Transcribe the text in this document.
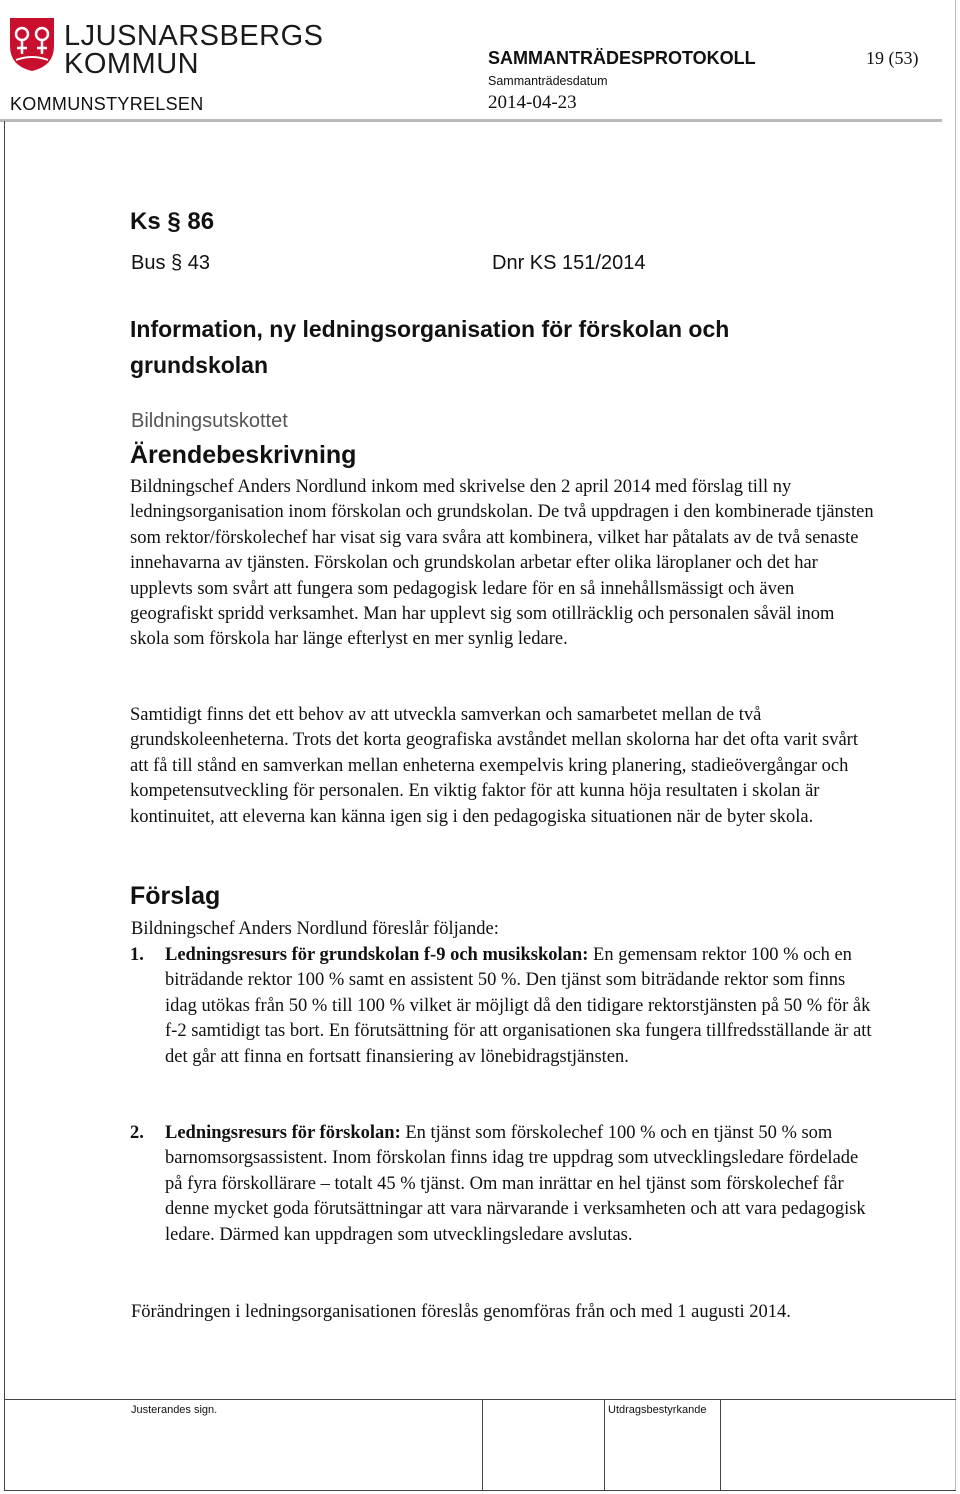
LJUSNARSBERGS
KOMMUN	SAMMANTRÄDESPROTOKOLL	19 (53)
KOMMUNSTYRELSEN
Sammanträdesdatum
2014-04-23
Ks § 86
Bus § 43	Dnr KS 151/2014
Information, ny ledningsorganisation för förskolan och grundskolan
Bildningsutskottet
Ärendebeskrivning
Bildningschef Anders Nordlund inkom med skrivelse den 2 april 2014 med förslag till ny ledningsorganisation inom förskolan och grundskolan. De två uppdragen i den kombinerade tjänsten som rektor/förskolechef har visat sig vara svåra att kombinera, vilket har påtalats av de två senaste innehavarna av tjänsten. Förskolan och grundskolan arbetar efter olika läroplaner och det har upplevts som svårt att fungera som pedagogisk ledare för en så innehållsmässigt och även geografiskt spridd verksamhet. Man har upplevt sig som otillräcklig och personalen såväl inom skola som förskola har länge efterlyst en mer synlig ledare.
Samtidigt finns det ett behov av att utveckla samverkan och samarbetet mellan de två grundskoleenheterna. Trots det korta geografiska avståndet mellan skolorna har det ofta varit svårt att få till stånd en samverkan mellan enheterna exempelvis kring planering, stadieövergångar och kompetensutveckling för personalen. En viktig faktor för att kunna höja resultaten i skolan är kontinuitet, att eleverna kan känna igen sig i den pedagogiska situationen när de byter skola.
Förslag
Bildningschef Anders Nordlund föreslår följande:
1. Ledningsresurs för grundskolan f-9 och musikskolan: En gemensam rektor 100 % och en biträdande rektor 100 % samt en assistent 50 %. Den tjänst som biträdande rektor som finns idag utökas från 50 % till 100 % vilket är möjligt då den tidigare rektorstjänsten på 50 % för åk f-2 samtidigt tas bort. En förutsättning för att organisationen ska fungera tillfredsställande är att det går att finna en fortsatt finansiering av lönebidragstjänsten.
2. Ledningsresurs för förskolan: En tjänst som förskolechef 100 % och en tjänst 50 % som barnomsorgsassistent. Inom förskolan finns idag tre uppdrag som utvecklingsledare fördelade på fyra förskollärare – totalt 45 % tjänst. Om man inrättar en hel tjänst som förskolechef får denne mycket goda förutsättningar att vara närvarande i verksamheten och att vara pedagogisk ledare. Därmed kan uppdragen som utvecklingsledare avslutas.
Förändringen i ledningsorganisationen föreslås genomföras från och med 1 augusti 2014.
Justerandes sign.	Utdragsbestyrkande
